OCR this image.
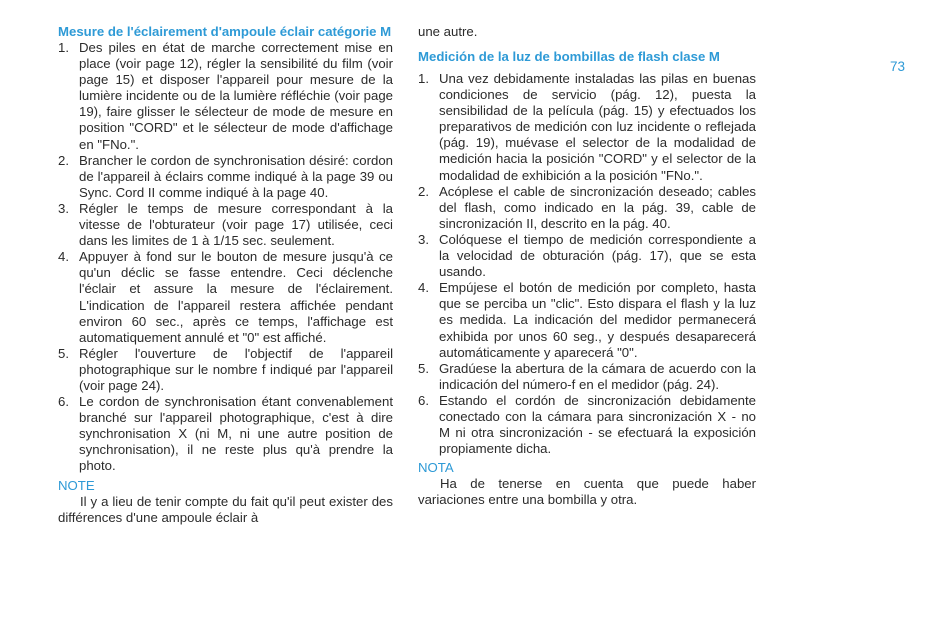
Mesure de l'éclairement d'ampoule éclair catégorie M
1. Des piles en état de marche correctement mise en place (voir page 12), régler la sensibilité du film (voir page 15) et disposer l'appareil pour mesure de la lumière incidente ou de la lumière réfléchie (voir page 19), faire glisser le sélecteur de mode de mesure en position "CORD" et le sélecteur de mode d'affichage en "FNo.".
2. Brancher le cordon de synchronisation désiré: cordon de l'appareil à éclairs comme indiqué à la page 39 ou Sync. Cord II comme indiqué à la page 40.
3. Régler le temps de mesure correspondant à la vitesse de l'obturateur (voir page 17) utilisée, ceci dans les limites de 1 à 1/15 sec. seulement.
4. Appuyer à fond sur le bouton de mesure jusqu'à ce qu'un déclic se fasse entendre. Ceci déclenche l'éclair et assure la mesure de l'éclairement. L'indication de l'appareil restera affichée pendant environ 60 sec., après ce temps, l'affichage est automatiquement annulé et "0" est affiché.
5. Régler l'ouverture de l'objectif de l'appareil photographique sur le nombre f indiqué par l'appareil (voir page 24).
6. Le cordon de synchronisation étant convenablement branché sur l'appareil photographique, c'est à dire synchronisation X (ni M, ni une autre position de synchronisation), il ne reste plus qu'à prendre la photo.
NOTE

Il y a lieu de tenir compte du fait qu'il peut exister des différences d'une ampoule éclair à

une autre.

Medición de la luz de bombillas de flash clase M
1. Una vez debidamente instaladas las pilas en buenas condiciones de servicio (pág. 12), puesta la sensibilidad de la película (pág. 15) y efectuados los preparativos de medición con luz incidente o reflejada (pág. 19), muévase el selector de la modalidad de medición hacia la posición "CORD" y el selector de la modalidad de exhibición a la posición "FNo.".
2. Acóplese el cable de sincronización deseado; cables del flash, como indicado en la pág. 39, cable de sincronización II, descrito en la pág. 40.
3. Colóquese el tiempo de medición correspondiente a la velocidad de obturación (pág. 17), que se esta usando.
4. Empújese el botón de medición por completo, hasta que se perciba un "clic". Esto dispara el flash y la luz es medida. La indicación del medidor permanecerá exhibida por unos 60 seg., y después desaparecerá automáticamente y aparecerá "0".
5. Gradúese la abertura de la cámara de acuerdo con la indicación del número-f en el medidor (pág. 24).
6. Estando el cordón de sincronización debidamente conectado con la cámara para sincronización X - no M ni otra sincronización - se efectuará la exposición propiamente dicha.
NOTA

Ha de tenerse en cuenta que puede haber variaciones entre una bombilla y otra.

73
